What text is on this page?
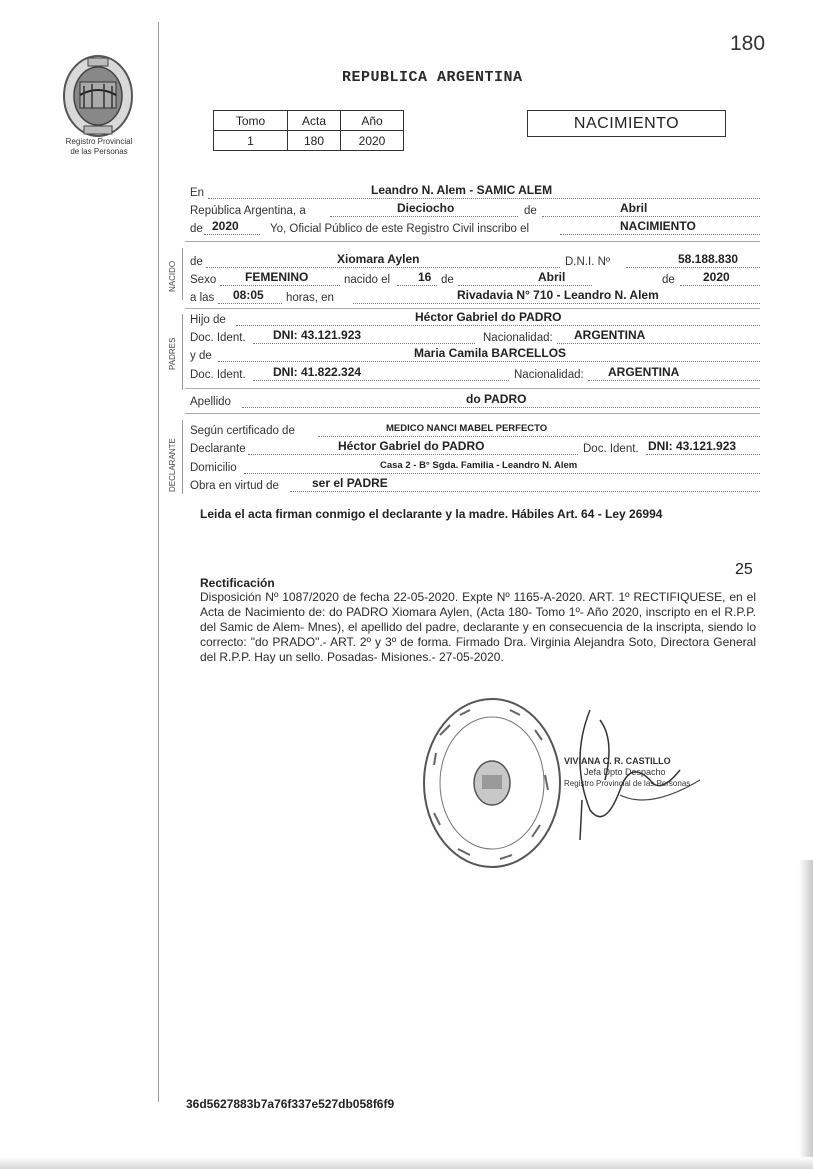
Registro Provincial
de las Personas
180
REPUBLICA ARGENTINA
Tomo	Acta	Año
1	180	2020
NACIMIENTO
En	Leandro N. Alem - SAMIC ALEM
República Argentina, a	Dieciocho	de	Abril
de 2020	Yo, Oficial Público de este Registro Civil inscribo el	NACIMIENTO
NACIDO de	Xiomara Aylen	D.N.I. Nº	58.188.830
Sexo FEMENINO	nacido el 16 de	Abril	de 2020
a las 08:05 horas, en	Rivadavia N° 710 - Leandro N. Alem
PADRES
Hijo de	Héctor Gabriel do PADRO
Doc. Ident. DNI: 43.121.923	Nacionalidad: ARGENTINA
y de	Maria Camila BARCELLOS
Doc. Ident. DNI: 41.822.324	Nacionalidad: ARGENTINA
Apellido	do PADRO
DECLARANTE
Según certificado de	MEDICO NANCI MABEL PERFECTO
Declarante	Héctor Gabriel do PADRO	Doc. Ident. DNI: 43.121.923
Domicilio	Casa 2 - B° Sgda. Familia - Leandro N. Alem
Obra en virtud de	ser el PADRE
Leida el acta firman conmigo el declarante y la madre. Hábiles Art. 64 - Ley 26994
25
Rectificación
Disposición Nº 1087/2020 de fecha 22-05-2020. Expte Nº 1165-A-2020. ART. 1º RECTIFIQUESE, en el Acta de Nacimiento de: do PADRO Xiomara Aylen, (Acta 180- Tomo 1º- Año 2020, inscripto en el R.P.P. del Samic de Alem- Mnes), el apellido del padre, declarante y en consecuencia de la inscripta, siendo lo correcto: "do PRADO".- ART. 2º y 3º de forma. Firmado Dra. Virginia Alejandra Soto, Directora General del R.P.P. Hay un sello. Posadas- Misiones.- 27-05-2020.
VIVIANA C. R. CASTILLO
Jefa Dpto Despacho
Registro Provincial de las Personas
36d5627883b7a76f337e527db058f6f9
